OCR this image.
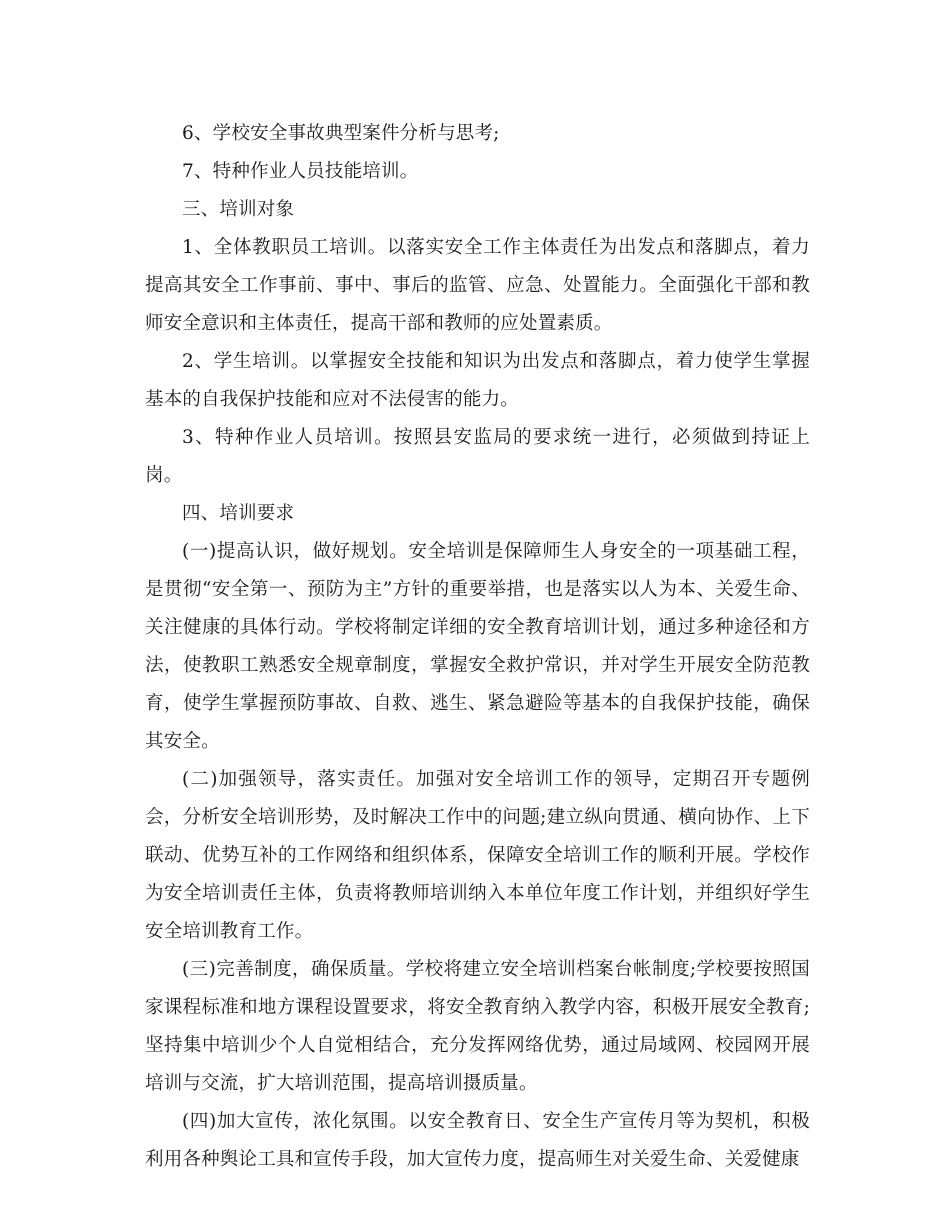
6、学校安全事故典型案件分析与思考;

7、特种作业人员技能培训。

三、培训对象

1、全体教职员工培训。以落实安全工作主体责任为出发点和落脚点，着力提高其安全工作事前、事中、事后的监管、应急、处置能力。全面强化干部和教师安全意识和主体责任，提高干部和教师的应处置素质。

2、学生培训。以掌握安全技能和知识为出发点和落脚点，着力使学生掌握基本的自我保护技能和应对不法侵害的能力。

3、特种作业人员培训。按照县安监局的要求统一进行，必须做到持证上岗。

四、培训要求

(一)提高认识，做好规划。安全培训是保障师生人身安全的一项基础工程，是贯彻“安全第一、预防为主”方针的重要举措，也是落实以人为本、关爱生命、关注健康的具体行动。学校将制定详细的安全教育培训计划，通过多种途径和方法，使教职工熟悉安全规章制度，掌握安全救护常识，并对学生开展安全防范教育，使学生掌握预防事故、自救、逃生、紧急避险等基本的自我保护技能，确保其安全。

(二)加强领导，落实责任。加强对安全培训工作的领导，定期召开专题例会，分析安全培训形势，及时解决工作中的问题;建立纵向贯通、横向协作、上下联动、优势互补的工作网络和组织体系，保障安全培训工作的顺利开展。学校作为安全培训责任主体，负责将教师培训纳入本单位年度工作计划，并组织好学生安全培训教育工作。

(三)完善制度，确保质量。学校将建立安全培训档案台帐制度;学校要按照国家课程标准和地方课程设置要求，将安全教育纳入教学内容，积极开展安全教育;坚持集中培训少个人自觉相结合，充分发挥网络优势，通过局域网、校园网开展培训与交流，扩大培训范围，提高培训摄质量。

(四)加大宣传，浓化氛围。以安全教育日、安全生产宣传月等为契机，积极利用各种舆论工具和宣传手段，加大宣传力度，提高师生对关爱生命、关爱健康
